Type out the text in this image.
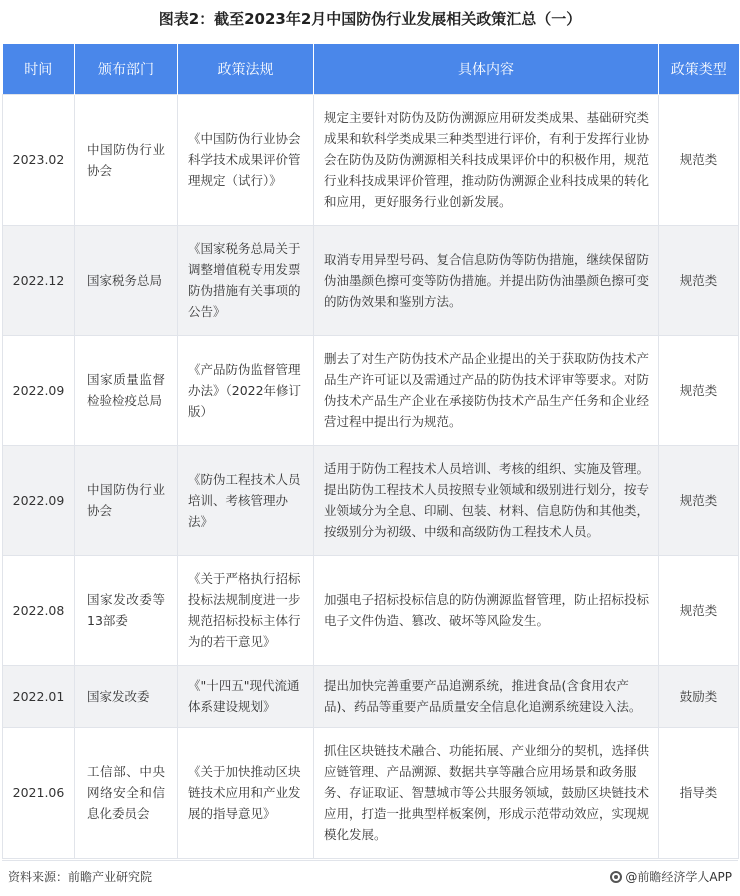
图表2：截至2023年2月中国防伪行业发展相关政策汇总（一）
时间	颁布部门	政策法规	具体内容	政策类型
2023.02	中国防伪行业协会	《中国防伪行业协会科学技术成果评价管理规定（试行）》	规定主要针对防伪及防伪溯源应用研发类成果、基础研究类成果和软科学类成果三种类型进行评价，有利于发挥行业协会在防伪及防伪溯源相关科技成果评价中的积极作用，规范行业科技成果评价管理，推动防伪溯源企业科技成果的转化和应用，更好服务行业创新发展。	规范类
2022.12	国家税务总局	《国家税务总局关于调整增值税专用发票防伪措施有关事项的公告》	取消专用异型号码、复合信息防伪等防伪措施，继续保留防伪油墨颜色擦可变等防伪措施。并提出防伪油墨颜色擦可变的防伪效果和鉴别方法。	规范类
2022.09	国家质量监督检验检疫总局	《产品防伪监督管理办法》（2022年修订版）	删去了对生产防伪技术产品企业提出的关于获取防伪技术产品生产许可证以及需通过产品的防伪技术评审等要求。对防伪技术产品生产企业在承接防伪技术产品生产任务和企业经营过程中提出行为规范。	规范类
2022.09	中国防伪行业协会	《防伪工程技术人员培训、考核管理办法》	适用于防伪工程技术人员培训、考核的组织、实施及管理。提出防伪工程技术人员按照专业领域和级别进行划分，按专业领域分为全息、印刷、包装、材料、信息防伪和其他类，按级别分为初级、中级和高级防伪工程技术人员。	规范类
2022.08	国家发改委等13部委	《关于严格执行招标投标法规制度进一步规范招标投标主体行为的若干意见》	加强电子招标投标信息的防伪溯源监督管理，防止招标投标电子文件伪造、篡改、破坏等风险发生。	规范类
2022.01	国家发改委	《"十四五"现代流通体系建设规划》	提出加快完善重要产品追溯系统，推进食品(含食用农产品)、药品等重要产品质量安全信息化追溯系统建设入法。	鼓励类
2021.06	工信部、中央网络安全和信息化委员会	《关于加快推动区块链技术应用和产业发展的指导意见》	抓住区块链技术融合、功能拓展、产业细分的契机，选择供应链管理、产品溯源、数据共享等融合应用场景和政务服务、存证取证、智慧城市等公共服务领域，鼓励区块链技术应用，打造一批典型样板案例，形成示范带动效应，实现规模化发展。	指导类
资料来源：前瞻产业研究院	@前瞻经济学人APP
